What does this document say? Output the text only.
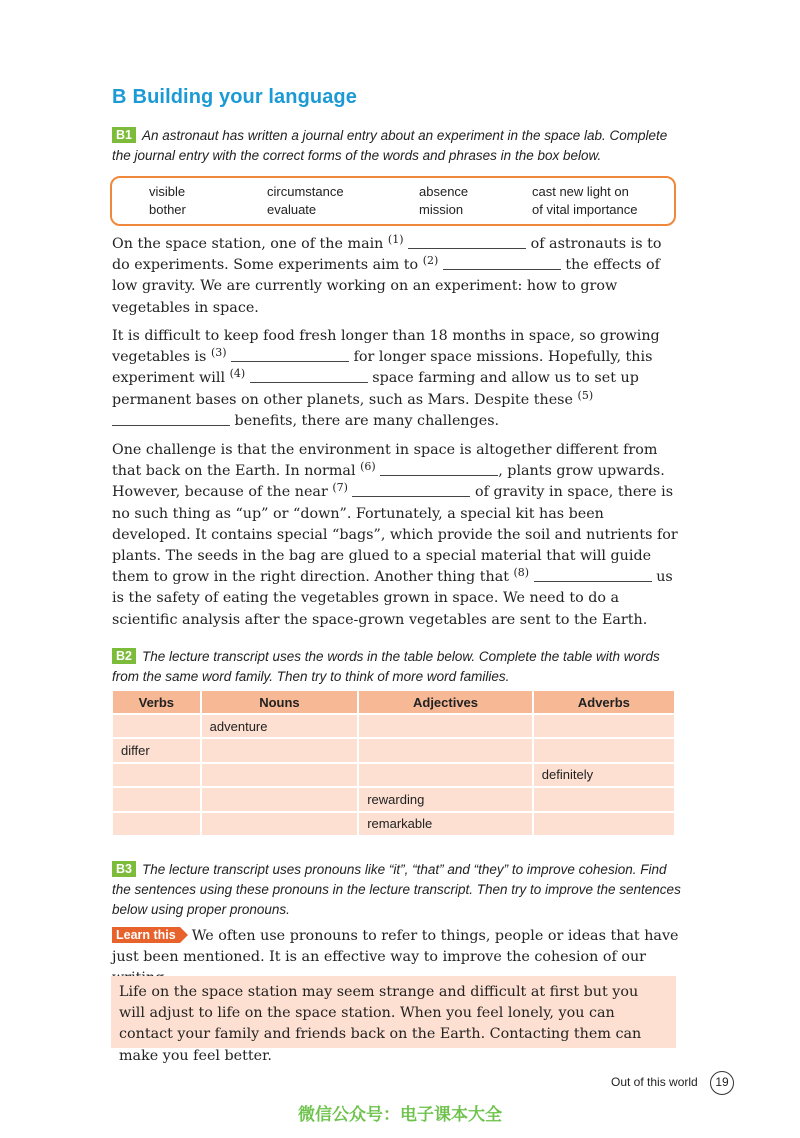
B Building your language
B1 An astronaut has written a journal entry about an experiment in the space lab. Complete the journal entry with the correct forms of the words and phrases in the box below.
visible	circumstance	absence	cast new light on
bother	evaluate	mission	of vital importance
On the space station, one of the main $^{(1)}$	of astronauts is to do experiments. Some experiments aim to $^{(2)}$	the effects of low gravity. We are currently working on an experiment: how to grow vegetables in space.
It is difficult to keep food fresh longer than 18 months in space, so growing vegetables is $^{(3)}$	for longer space missions. Hopefully, this experiment will $^{(4)}$	space farming and allow us to set up permanent bases on other planets, such as Mars. Despite these $^{(5)}$  benefits, there are many challenges.
One challenge is that the environment in space is altogether different from that back on the Earth. In normal $^{(6)}$	, plants grow upwards. However, because of the near $^{(7)}$	of gravity in space, there is no such thing as “up” or “down”. Fortunately, a special kit has been developed. It contains special “bags”, which provide the soil and nutrients for plants. The seeds in the bag are glued to a special material that will guide them to grow in the right direction. Another thing that $^{(8)}$	us is the safety of eating the vegetables grown in space. We need to do a scientific analysis after the space-grown vegetables are sent to the Earth.
B2 The lecture transcript uses the words in the table below. Complete the table with words from the same word family. Then try to think of more word families.
Verbs	Nouns	Adjectives	Adverbs
	adventure		
differ			
			definitely
		rewarding	
		remarkable	
B3 The lecture transcript uses pronouns like “it”, “that” and “they” to improve cohesion. Find the sentences using these pronouns in the lecture transcript. Then try to improve the sentences below using proper pronouns.
Learn this We often use pronouns to refer to things, people or ideas that have just been mentioned. It is an effective way to improve the cohesion of our
Life on the space station may seem strange and difficult at first but you will adjust to life on the space station. When you feel lonely, you can contact your family and friends back on the Earth. Contacting them can make you feel better.
Out of this world	19
微信公众号：电子课本大全
